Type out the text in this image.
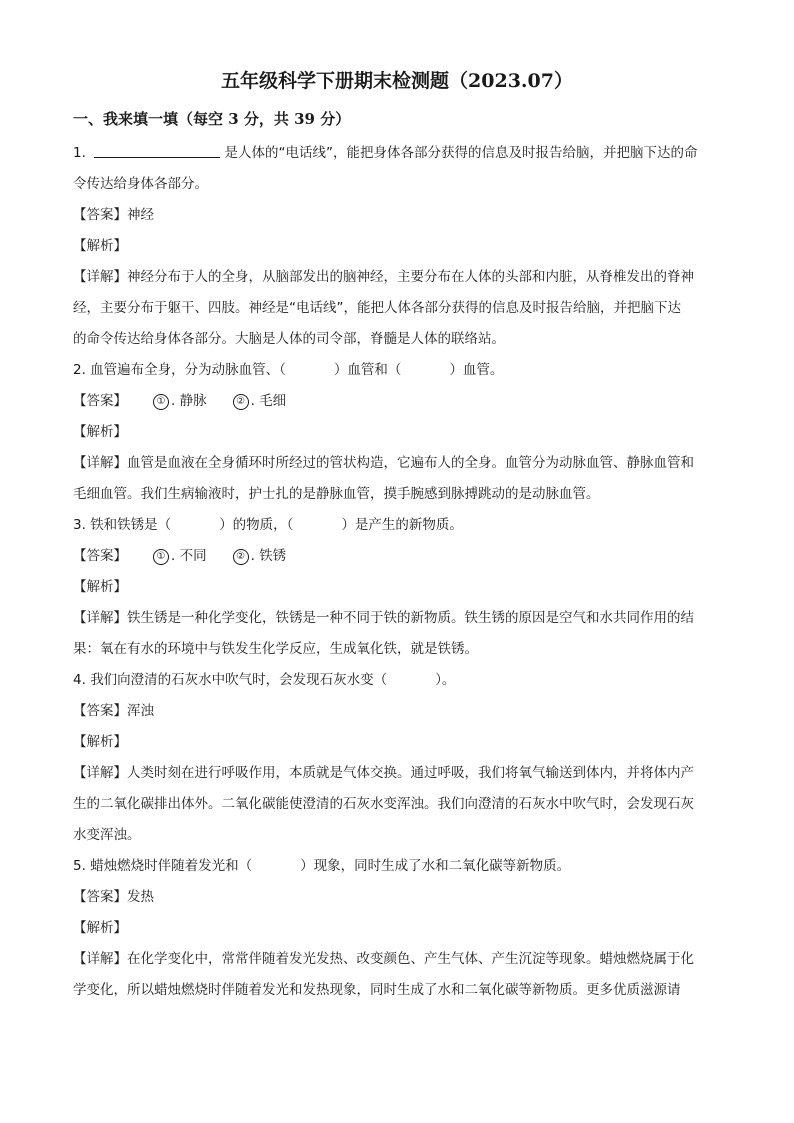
五年级科学下册期末检测题（2023.07）
一、我来填一填（每空 3 分，共 39 分）
1.	是人体的“电话线”，能把身体各部分获得的信息及时报告给脑，并把脑下达的命
令传达给身体各部分。
【答案】神经
【解析】
【详解】神经分布于人的全身，从脑部发出的脑神经，主要分布在人体的头部和内脏，从脊椎发出的脊神
经，主要分布于躯干、四肢。神经是“电话线”，能把人体各部分获得的信息及时报告给脑，并把脑下达
的命令传达给身体各部分。大脑是人体的司令部，脊髓是人体的联络站。
2. 血管遍布全身，分为动脉血管、（	）血管和（	）血管。
【答案】	① . 静脉	② . 毛细
【解析】
【详解】血管是血液在全身循环时所经过的管状构造，它遍布人的全身。血管分为动脉血管、静脉血管和
毛细血管。我们生病输液时，护士扎的是静脉血管，摸手腕感到脉搏跳动的是动脉血管。
3. 铁和铁锈是（	）的物质，（	）是产生的新物质。
【答案】	① . 不同	② . 铁锈
【解析】
【详解】铁生锈是一种化学变化，铁锈是一种不同于铁的新物质。铁生锈的原因是空气和水共同作用的结
果：氧在有水的环境中与铁发生化学反应，生成氧化铁，就是铁锈。
4. 我们向澄清的石灰水中吹气时，会发现石灰水变（	）。
【答案】浑浊
【解析】
【详解】人类时刻在进行呼吸作用，本质就是气体交换。通过呼吸，我们将氧气输送到体内，并将体内产
生的二氧化碳排出体外。二氧化碳能使澄清的石灰水变浑浊。我们向澄清的石灰水中吹气时，会发现石灰
水变浑浊。
5. 蜡烛燃烧时伴随着发光和（	）现象，同时生成了水和二氧化碳等新物质。
【答案】发热
【解析】
【详解】在化学变化中，常常伴随着发光发热、改变颜色、产生气体、产生沉淀等现象。蜡烛燃烧属于化
学变化，所以蜡烛燃烧时伴随着发光和发热现象，同时生成了水和二氧化碳等新物质。更多优质滋源请
